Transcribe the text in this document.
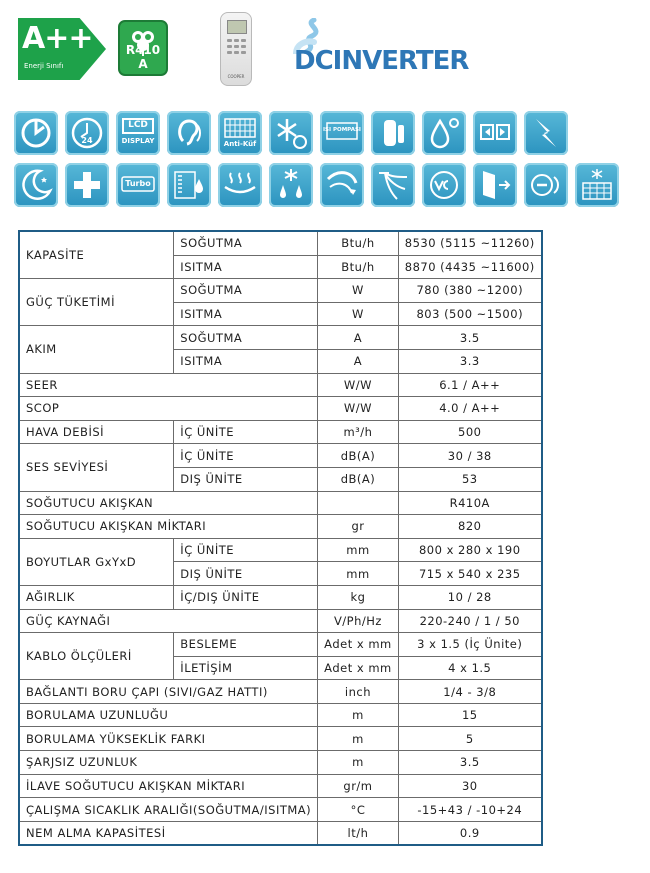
A++
Enerji Sınıfı
R410 A
COOPER
DCINVERTER
24
LCD
DISPLAY	Anti-Küf
ISI POMPASI
Turbo
KAPASİTE	SOĞUTMA	Btu/h	8530 (5115 ~11260)
	ISITMA	Btu/h	8870 (4435 ~11600)
GÜÇ TÜKETİMİ	SOĞUTMA	W	780 (380 ~1200)
	ISITMA	W	803 (500 ~1500)
AKIM	SOĞUTMA	A	3.5
	ISITMA	A	3.3
SEER		W/W	6.1 / A++
SCOP		W/W	4.0 / A++
HAVA DEBİSİ	İÇ ÜNİTE	m³/h	500
SES SEVİYESİ	İÇ ÜNİTE	dB(A)	30 / 38
	DIŞ ÜNİTE	dB(A)	53
SOĞUTUCU AKIŞKAN			R410A
SOĞUTUCU AKIŞKAN MİKTARI		gr	820
BOYUTLAR GxYxD	İÇ ÜNİTE	mm	800 x 280 x 190
	DIŞ ÜNİTE	mm	715 x 540 x 235
AĞIRLIK	İÇ/DIŞ ÜNİTE	kg	10 / 28
GÜÇ KAYNAĞI		V/Ph/Hz	220-240 / 1 / 50
KABLO ÖLÇÜLERİ	BESLEME	Adet x mm	3 x 1.5 (İç Ünite)
	İLETİŞİM	Adet x mm	4 x 1.5
BAĞLANTI BORU ÇAPI (SIVI/GAZ HATTI)		inch	1/4 - 3/8
BORULAMA UZUNLUĞU		m	15
BORULAMA YÜKSEKLİK FARKI		m	5
ŞARJSIZ UZUNLUK		m	3.5
İLAVE SOĞUTUCU AKIŞKAN MİKTARI		gr/m	30
ÇALIŞMA SICAKLIK ARALIĞI(SOĞUTMA/ISITMA)		°C	-15+43 / -10+24
NEM ALMA KAPASİTESİ		lt/h	0.9
